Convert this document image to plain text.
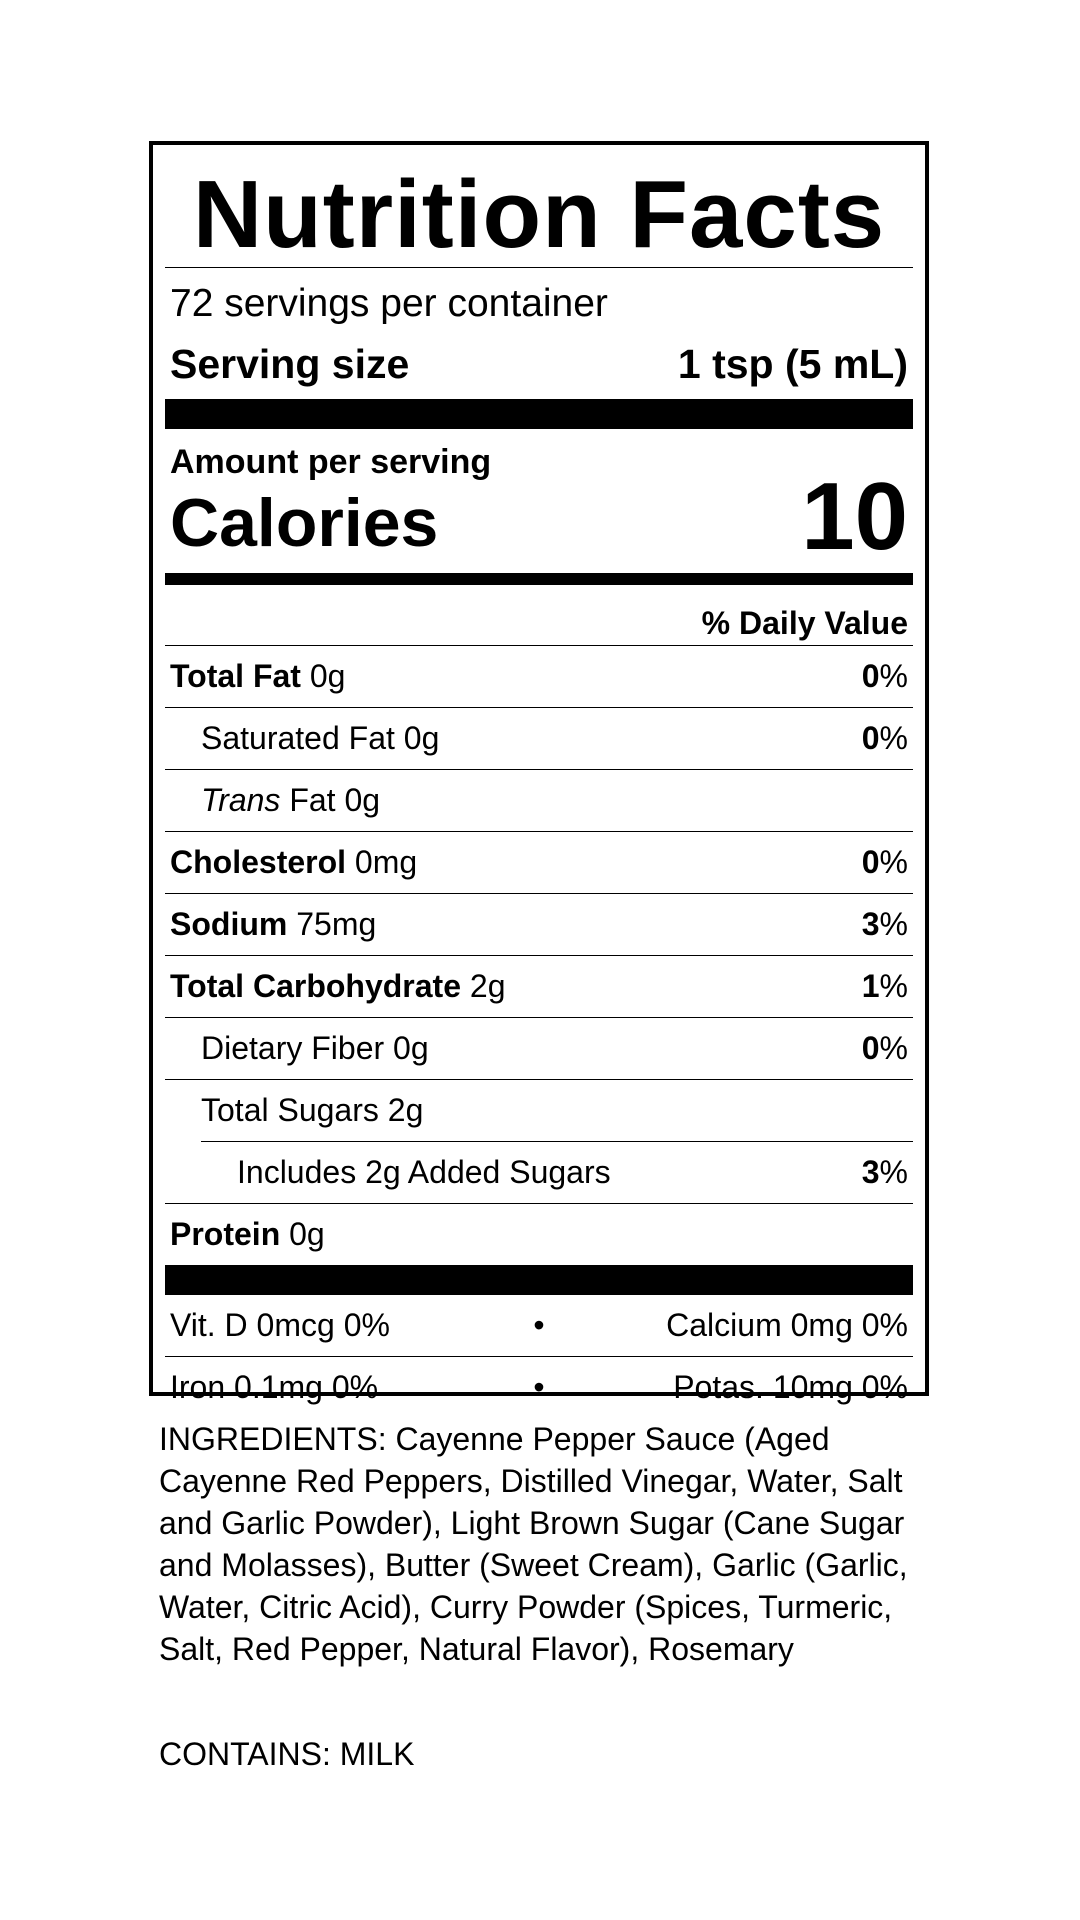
Nutrition Facts
72 servings per container
Serving size	1 tsp (5 mL)
Amount per serving
Calories	10
% Daily Value
Total Fat 0g	0%
Saturated Fat 0g	0%
Trans Fat 0g
Cholesterol 0mg	0%
Sodium 75mg	3%
Total Carbohydrate 2g	1%
Dietary Fiber 0g	0%
Total Sugars 2g
Includes 2g Added Sugars	3%
Protein 0g
Vit. D 0mcg 0%	•	Calcium 0mg 0%
Iron 0.1mg 0%	•	Potas. 10mg 0%
INGREDIENTS: Cayenne Pepper Sauce (Aged Cayenne Red Peppers, Distilled Vinegar, Water, Salt and Garlic Powder), Light Brown Sugar (Cane Sugar and Molasses), Butter (Sweet Cream), Garlic (Garlic, Water, Citric Acid), Curry Powder (Spices, Turmeric, Salt, Red Pepper, Natural Flavor), Rosemary
CONTAINS: MILK
